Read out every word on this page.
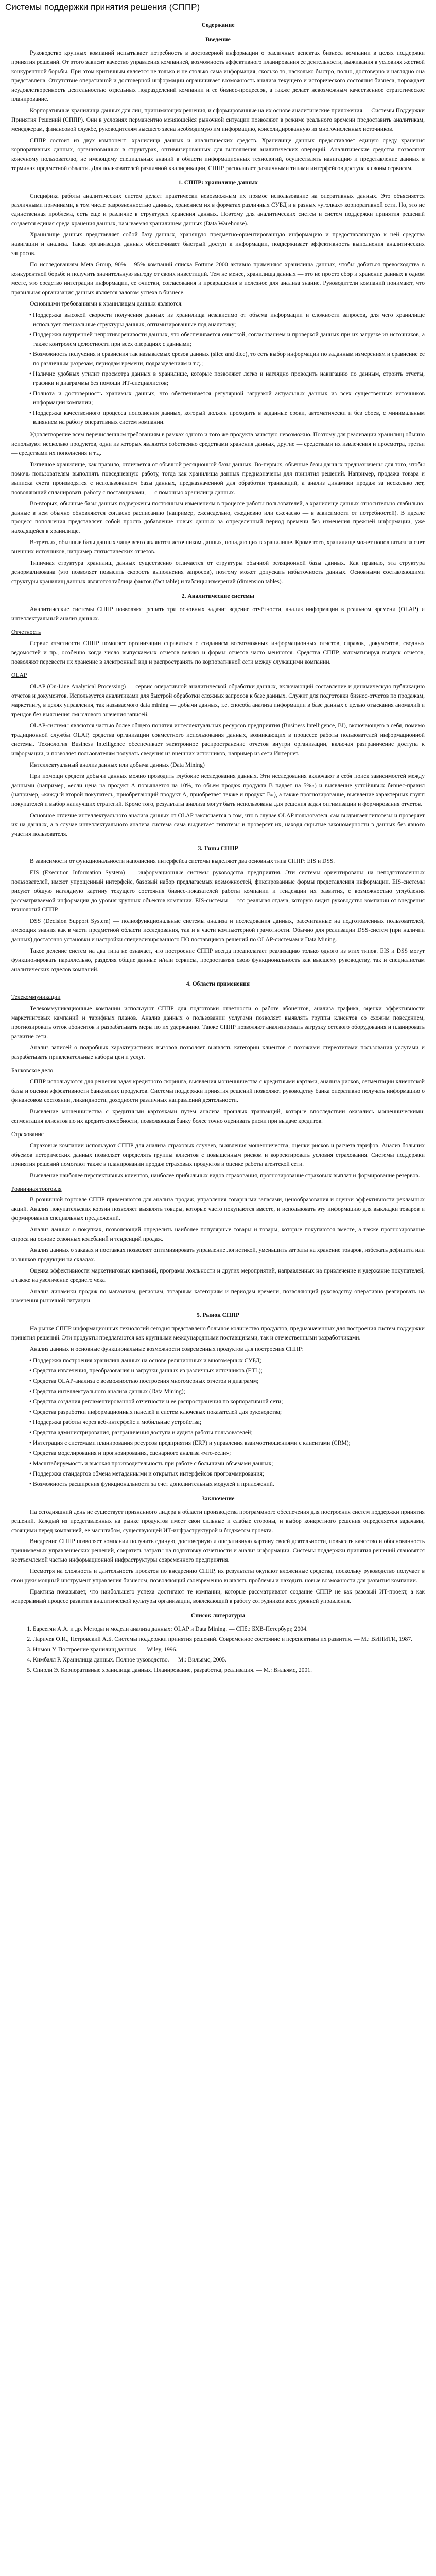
Системы поддержки принятия решения (СППР)
Содержание
Введение

Руководство крупных компаний испытывает потребность в достоверной информации о различных аспектах бизнеса компании в целях поддержки принятия решений. От этого зависит качество управления компанией, возможность эффективного планирования ее деятельности, выживания в условиях жесткой конкурентной борьбы. При этом критичным является не только и не столько сама информация, сколько то, насколько быстро, полно, достоверно и наглядно она представлена. Отсутствие оперативной и достоверной информации ограничивает возможность анализа текущего и исторического состояния бизнеса, порождает неудовлетворенность деятельностью отдельных подразделений компании и ее бизнес-процессов, а также делает невозможным качественное стратегическое планирование.

Корпоративные хранилища данных для лиц, принимающих решения, и сформированные на их основе аналитические приложения — Системы Поддержки Принятия Решений (СППР). Они в условиях перманентно меняющейся рыночной ситуации позволяют в режиме реального времени предоставить аналитикам, менеджерам, финансовой службе, руководителям высшего звена необходимую им информацию, консолидированную из многочисленных источников.

СППР состоит из двух компонент: хранилища данных и аналитических средств. Хранилище данных предоставляет единую среду хранения корпоративных данных, организованных в структурах, оптимизированных для выполнения аналитических операций. Аналитические средства позволяют конечному пользователю, не имеющему специальных знаний в области информационных технологий, осуществлять навигацию и представление данных в терминах предметной области. Для пользователей различной квалификации, СППР располагает различными типами интерфейсов доступа к своим сервисам.

1. СППР: хранилище данных

Специфика работы аналитических систем делает практически невозможным их прямое использование на оперативных данных. Это объясняется различными причинами, в том числе разрозненностью данных, хранением их в форматах различных СУБД и в разных «уголках» корпоративной сети. Но, это не единственная проблема, есть еще и различие в структурах хранения данных. Поэтому для аналитических систем и систем поддержки принятия решений создается единая среда хранения данных, называемая хранилищем данных (Data Warehouse).

Хранилище данных представляет собой базу данных, хранящую предметно-ориентированную информацию и предоставляющую к ней средства навигации и анализа. Такая организация данных обеспечивает быстрый доступ к информации, поддерживает эффективность выполнения аналитических запросов.

По исследованиям Meta Group, 90% – 95% компаний списка Fortune 2000 активно применяют хранилища данных, чтобы добиться превосходства в конкурентной борьбе и получить значительную выгоду от своих инвестиций. Тем не менее, хранилища данных — это не просто сбор и хранение данных в одном месте, это средство интеграции информации, ее очистки, согласования и превращения в полезное для анализа знание. Руководители компаний понимают, что правильная организация данных является залогом успеха в бизнесе.

Основными требованиями к хранилищам данных являются:

• Поддержка высокой скорости получения данных из хранилища независимо от объема информации и сложности запросов, для чего хранилище использует специальные структуры данных, оптимизированные под аналитику;
• Поддержка внутренней непротиворечивости данных, что обеспечивается очисткой, согласованием и проверкой данных при их загрузке из источников, а также контролем целостности при всех операциях с данными;
• Возможность получения и сравнения так называемых срезов данных (slice and dice), то есть выбор информации по заданным измерениям и сравнение ее по различным разрезам, периодам времени, подразделениям и т.д.;
• Наличие удобных утилит просмотра данных в хранилище, которые позволяют легко и наглядно проводить навигацию по данным, строить отчеты, графики и диаграммы без помощи ИТ-специалистов;
• Полнота и достоверность хранимых данных, что обеспечивается регулярной загрузкой актуальных данных из всех существенных источников информации компании;
• Поддержка качественного процесса пополнения данных, который должен проходить в заданные сроки, автоматически и без сбоев, с минимальным влиянием на работу оперативных систем компании.

Удовлетворение всем перечисленным требованиям в рамках одного и того же продукта зачастую невозможно. Поэтому для реализации хранилищ обычно используют несколько продуктов, одни из которых являются собственно средствами хранения данных, другие — средствами их извлечения и просмотра, третьи — средствами их пополнения и т.д.

Типичное хранилище, как правило, отличается от обычной реляционной базы данных. Во-первых, обычные базы данных предназначены для того, чтобы помочь пользователям выполнять повседневную работу, тогда как хранилища данных предназначены для принятия решений. Например, продажа товара и выписка счета производятся с использованием базы данных, предназначенной для обработки транзакций, а анализ динамики продаж за несколько лет, позволяющий спланировать работу с поставщиками, — с помощью хранилища данных.

Во-вторых, обычные базы данных подвержены постоянным изменениям в процессе работы пользователей, а хранилище данных относительно стабильно: данные в нем обычно обновляются согласно расписанию (например, еженедельно, ежедневно или ежечасно — в зависимости от потребностей). В идеале процесс пополнения представляет собой просто добавление новых данных за определенный период времени без изменения прежней информации, уже находящейся в хранилище.

В-третьих, обычные базы данных чаще всего являются источником данных, попадающих в хранилище. Кроме того, хранилище может пополняться за счет внешних источников, например статистических отчетов.

Типичная структура хранилищ данных существенно отличается от структуры обычной реляционной базы данных. Как правило, эта структура денормализована (это позволяет повысить скорость выполнения запросов), поэтому может допускать избыточность данных. Основными составляющими структуры хранилищ данных являются таблица фактов (fact table) и таблицы измерений (dimension tables).

2. Аналитические системы

Аналитические системы СППР позволяют решать три основных задачи: ведение отчётности, анализ информации в реальном времени (OLAP) и интеллектуальный анализ данных.

Отчетность

Сервис отчетности СППР помогает организации справиться с созданием всевозможных информационных отчетов, справок, документов, сводных ведомостей и пр., особенно когда число выпускаемых отчетов велико и формы отчетов часто меняются. Средства СППР, автоматизируя выпуск отчетов, позволяют перевести их хранение в электронный вид и распространять по корпоративной сети между служащими компании.

OLAP

OLAP (On-Line Analytical Processing) — сервис оперативной аналитической обработки данных, включающий составление и динамическую публикацию отчетов и документов. Используется аналитиками для быстрой обработки сложных запросов к базе данных. Служит для подготовки бизнес-отчетов по продажам, маркетингу, в целях управления, так называемого data mining — добычи данных, т.е. способа анализа информации в базе данных с целью отыскания аномалий и трендов без выяснения смыслового значения записей.

OLAP-системы являются частью более общего понятия интеллектуальных ресурсов предприятия (Business Intelligence, BI), включающего в себя, помимо традиционной службы OLAP, средства организации совместного использования данных, возникающих в процессе работы пользователей информационной системы. Технология Business Intelligence обеспечивает электронное распространение отчетов внутри организации, включая разграничение доступа к информации, и позволяет пользователям получать сведения из внешних источников, например из сети Интернет.

Интеллектуальный анализ данных или добыча данных (Data Mining)

При помощи средств добычи данных можно проводить глубокие исследования данных. Эти исследования включают в себя поиск зависимостей между данными (например, «если цена на продукт А повышается на 10%, то объем продаж продукта В падает на 5%») и выявление устойчивых бизнес-правил (например, «каждый второй покупатель, приобретающий продукт А, приобретает также и продукт В»), а также прогнозирование, выявление характерных групп покупателей и выбор наилучших стратегий. Кроме того, результаты анализа могут быть использованы для решения задач оптимизации и формирования отчетов.

Основное отличие интеллектуального анализа данных от OLAP заключается в том, что в случае OLAP пользователь сам выдвигает гипотезы и проверяет их на данных, а в случае интеллектуального анализа система сама выдвигает гипотезы и проверяет их, находя скрытые закономерности в данных без явного участия пользователя.

3. Типы СППР

В зависимости от функциональности наполнения интерфейса системы выделяют два основных типа СППР: EIS и DSS.

EIS (Execution Information System) — информационные системы руководства предприятия. Эти системы ориентированы на неподготовленных пользователей, имеют упрощенный интерфейс, базовый набор предлагаемых возможностей, фиксированные формы представления информации. EIS-системы рисуют общую наглядную картину текущего состояния бизнес-показателей работы компании и тенденции их развития, с возможностью углубления рассматриваемой информации до уровня крупных объектов компании. EIS-системы — это реальная отдача, которую видит руководство компании от внедрения технологий СППР.

DSS (Decision Support System) — полнофункциональные системы анализа и исследования данных, рассчитанные на подготовленных пользователей, имеющих знания как в части предметной области исследования, так и в части компьютерной грамотности. Обычно для реализации DSS-систем (при наличии данных) достаточно установки и настройки специализированного ПО поставщиков решений по OLAP-системам и Data Mining.

Такое деление систем на два типа не означает, что построение СППР всегда предполагает реализацию только одного из этих типов. EIS и DSS могут функционировать параллельно, разделяя общие данные и/или сервисы, предоставляя свою функциональность как высшему руководству, так и специалистам аналитических отделов компаний.

4. Области применения
Телекоммуникации

Телекоммуникационные компании используют СППР для подготовки отчетности о работе абонентов, анализа трафика, оценки эффективности маркетинговых кампаний и тарифных планов. Анализ данных о пользовании услугами позволяет выявлять группы клиентов со схожим поведением, прогнозировать отток абонентов и разрабатывать меры по их удержанию. Также СППР позволяют анализировать загрузку сетевого оборудования и планировать развитие сети.

Анализ записей о подробных характеристиках вызовов позволяет выявлять категории клиентов с похожими стереотипами пользования услугами и разрабатывать привлекательные наборы цен и услуг.

Банковское дело

СППР используются для решения задач кредитного скоринга, выявления мошенничества с кредитными картами, анализа рисков, сегментации клиентской базы и оценки эффективности банковских продуктов. Системы поддержки принятия решений позволяют руководству банка оперативно получать информацию о финансовом состоянии, ликвидности, доходности различных направлений деятельности.

Выявление мошенничества с кредитными карточками путем анализа прошлых транзакций, которые впоследствии оказались мошенническими; сегментация клиентов по их кредитоспособности, позволяющая банку более точно оценивать риски при выдаче кредитов.

Страхование

Страховые компании используют СППР для анализа страховых случаев, выявления мошенничества, оценки рисков и расчета тарифов. Анализ больших объемов исторических данных позволяет определять группы клиентов с повышенным риском и корректировать условия страхования. Системы поддержки принятия решений помогают также в планировании продаж страховых продуктов и оценке работы агентской сети.

Выявление наиболее перспективных клиентов, наиболее прибыльных видов страхования, прогнозирование страховых выплат и формирование резервов.

Розничная торговля

В розничной торговле СППР применяются для анализа продаж, управления товарными запасами, ценообразования и оценки эффективности рекламных акций. Анализ покупательских корзин позволяет выявлять товары, которые часто покупаются вместе, и использовать эту информацию для выкладки товаров и формирования специальных предложений.

Анализ данных о покупках, позволяющий определить наиболее популярные товары и товары, которые покупаются вместе, а также прогнозирование спроса на основе сезонных колебаний и тенденций продаж.

Анализ данных о заказах и поставках позволяет оптимизировать управление логистикой, уменьшить затраты на хранение товаров, избежать дефицита или излишков продукции на складах.

Оценка эффективности маркетинговых кампаний, программ лояльности и других мероприятий, направленных на привлечение и удержание покупателей, а также на увеличение среднего чека.

Анализ динамики продаж по магазинам, регионам, товарным категориям и периодам времени, позволяющий руководству оперативно реагировать на изменения рыночной ситуации.

5. Рынок СППР

На рынке СППР информационных технологий сегодня представлено большое количество продуктов, предназначенных для построения систем поддержки принятия решений. Эти продукты предлагаются как крупными международными поставщиками, так и отечественными разработчиками.

Анализ данных и основные функциональные возможности современных продуктов для построения СППР:

• Поддержка построения хранилищ данных на основе реляционных и многомерных СУБД;
• Средства извлечения, преобразования и загрузки данных из различных источников (ETL);
• Средства OLAP-анализа с возможностью построения многомерных отчетов и диаграмм;
• Средства интеллектуального анализа данных (Data Mining);
• Средства создания регламентированной отчетности и ее распространения по корпоративной сети;
• Средства разработки информационных панелей и систем ключевых показателей для руководства;
• Поддержка работы через веб-интерфейс и мобильные устройства;
• Средства администрирования, разграничения доступа и аудита работы пользователей;
• Интеграция с системами планирования ресурсов предприятия (ERP) и управления взаимоотношениями с клиентами (CRM);
• Средства моделирования и прогнозирования, сценарного анализа «что-если»;
• Масштабируемость и высокая производительность при работе с большими объемами данных;
• Поддержка стандартов обмена метаданными и открытых интерфейсов программирования;
• Возможность расширения функциональности за счет дополнительных модулей и приложений.
Заключение

На сегодняшний день не существует признанного лидера в области производства программного обеспечения для построения систем поддержки принятия решений. Каждый из представленных на рынке продуктов имеет свои сильные и слабые стороны, и выбор конкретного решения определяется задачами, стоящими перед компанией, ее масштабом, существующей ИТ-инфраструктурой и бюджетом проекта.

Внедрение СППР позволяет компании получить единую, достоверную и оперативную картину своей деятельности, повысить качество и обоснованность принимаемых управленческих решений, сократить затраты на подготовку отчетности и анализ информации. Системы поддержки принятия решений становятся неотъемлемой частью информационной инфраструктуры современного предприятия.

Несмотря на сложность и длительность проектов по внедрению СППР, их результаты окупают вложенные средства, поскольку руководство получает в свои руки мощный инструмент управления бизнесом, позволяющий своевременно выявлять проблемы и находить новые возможности для развития компании.

Практика показывает, что наибольшего успеха достигают те компании, которые рассматривают создание СППР не как разовый ИТ-проект, а как непрерывный процесс развития аналитической культуры организации, вовлекающий в работу сотрудников всех уровней управления.

Список литературы
1. Барсегян А.А. и др. Методы и модели анализа данных: OLAP и Data Mining. — СПб.: БХВ-Петербург, 2004.
2. Ларичев О.И., Петровский А.Б. Системы поддержки принятия решений. Современное состояние и перспективы их развития. — М.: ВИНИТИ, 1987.
3. Инмон У. Построение хранилищ данных. — Wiley, 1996.
4. Кимбалл Р. Хранилища данных. Полное руководство. — М.: Вильямс, 2005.
5. Спирли Э. Корпоративные хранилища данных. Планирование, разработка, реализация. — М.: Вильямс, 2001.
